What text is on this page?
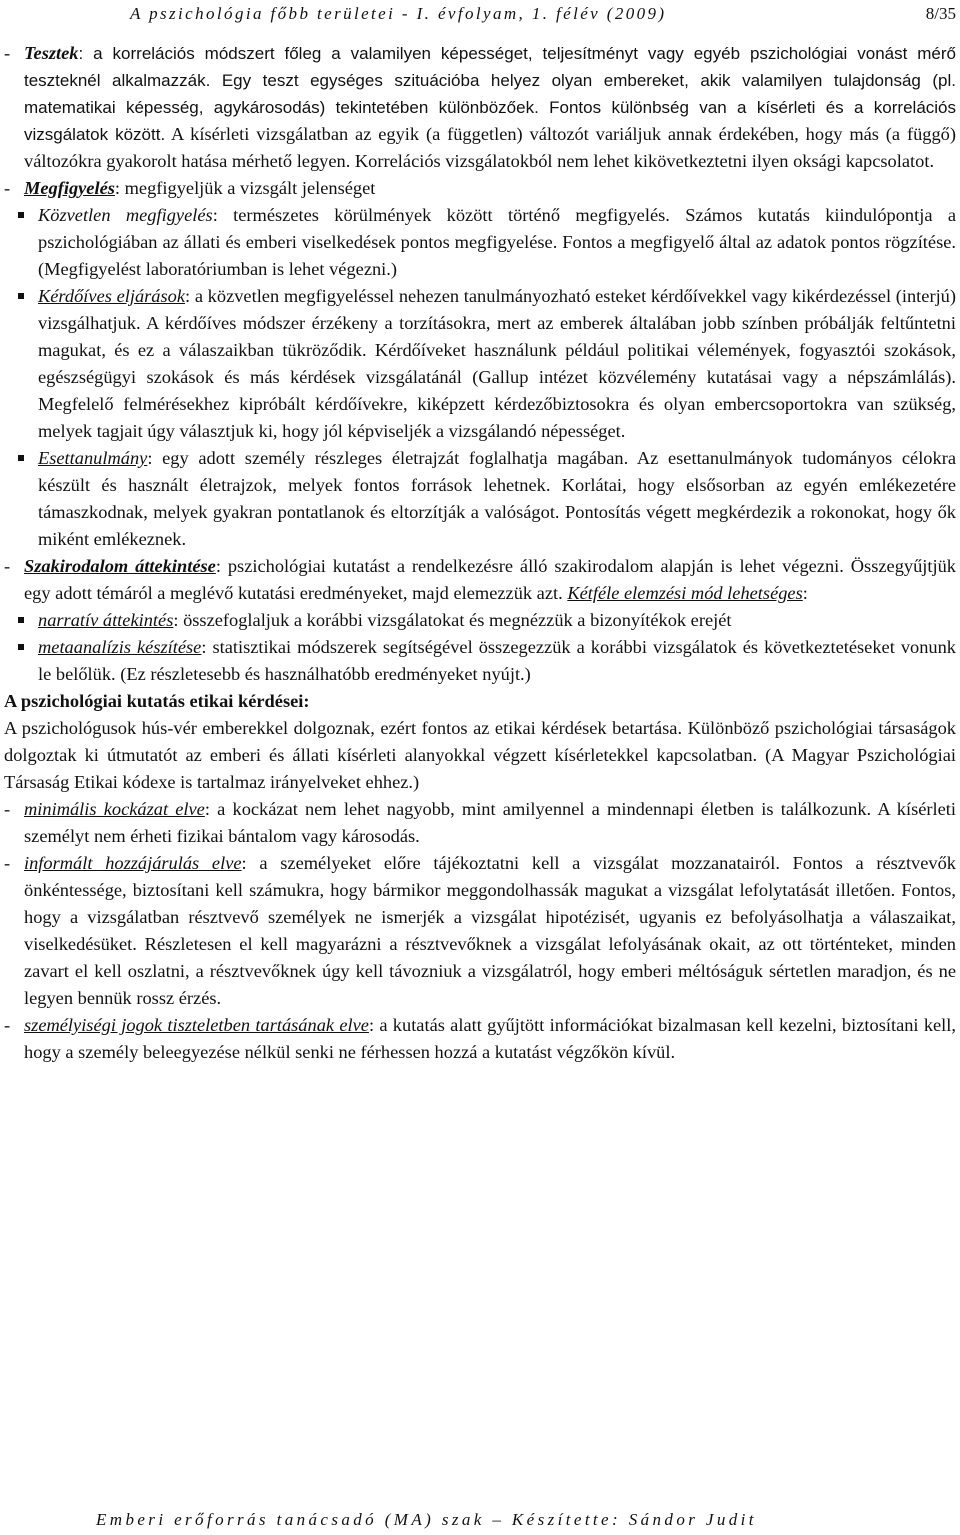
A pszichológia főbb területei - I. évfolyam, 1. félév (2009)	8/35

- Tesztek: a korrelációs módszert főleg a valamilyen képességet, teljesítményt vagy egyéb pszichológiai vonást mérő teszteknél alkalmazzák. Egy teszt egységes szituációba helyez olyan embereket, akik valamilyen tulajdonság (pl. matematikai képesség, agykárosodás) tekintetében különbözőek. Fontos különbség van a kísérleti és a korrelációs vizsgálatok között. A kísérleti vizsgálatban az egyik (a független) változót variáljuk annak érdekében, hogy más (a függő) változókra gyakorolt hatása mérhető legyen. Korrelációs vizsgálatokból nem lehet kikövetkeztetni ilyen oksági kapcsolatot.

- Megfigyelés: megfigyeljük a vizsgált jelenséget

Közvetlen megfigyelés: természetes körülmények között történő megfigyelés. Számos kutatás kiindulópontja a pszichológiában az állati és emberi viselkedések pontos megfigyelése. Fontos a megfigyelő által az adatok pontos rögzítése. (Megfigyelést laboratóriumban is lehet végezni.)

Kérdőíves eljárások: a közvetlen megfigyeléssel nehezen tanulmányozható esteket kérdőívekkel vagy kikérdezéssel (interjú) vizsgálhatjuk. A kérdőíves módszer érzékeny a torzításokra, mert az emberek általában jobb színben próbálják feltűntetni magukat, és ez a válaszaikban tükröződik. Kérdőíveket használunk például politikai vélemények, fogyasztói szokások, egészségügyi szokások és más kérdések vizsgálatánál (Gallup intézet közvélemény kutatásai vagy a népszámlálás). Megfelelő felmérésekhez kipróbált kérdőívekre, kiképzett kérdezőbiztosokra és olyan embercsoportokra van szükség, melyek tagjait úgy választjuk ki, hogy jól képviseljék a vizsgálandó népességet.

Esettanulmány: egy adott személy részleges életrajzát foglalhatja magában. Az esettanulmányok tudományos célokra készült és használt életrajzok, melyek fontos források lehetnek. Korlátai, hogy elsősorban az egyén emlékezetére támaszkodnak, melyek gyakran pontatlanok és eltorzítják a valóságot. Pontosítás végett megkérdezik a rokonokat, hogy ők miként emlékeznek.

- Szakirodalom áttekintése: pszichológiai kutatást a rendelkezésre álló szakirodalom alapján is lehet végezni. Összegyűjtjük egy adott témáról a meglévő kutatási eredményeket, majd elemezzük azt. Kétféle elemzési mód lehetséges:

narratív áttekintés: összefoglaljuk a korábbi vizsgálatokat és megnézzük a bizonyítékok erejét

metaanalízis készítése: statisztikai módszerek segítségével összegezzük a korábbi vizsgálatok és következtetéseket vonunk le belőlük. (Ez részletesebb és használhatóbb eredményeket nyújt.)

A pszichológiai kutatás etikai kérdései:

A pszichológusok hús-vér emberekkel dolgoznak, ezért fontos az etikai kérdések betartása. Különböző pszichológiai társaságok dolgoztak ki útmutatót az emberi és állati kísérleti alanyokkal végzett kísérletekkel kapcsolatban. (A Magyar Pszichológiai Társaság Etikai kódexe is tartalmaz irányelveket ehhez.)

- minimális kockázat elve: a kockázat nem lehet nagyobb, mint amilyennel a mindennapi életben is találkozunk. A kísérleti személyt nem érheti fizikai bántalom vagy károsodás.

- informált hozzájárulás elve: a személyeket előre tájékoztatni kell a vizsgálat mozzanatairól. Fontos a résztvevők önkéntessége, biztosítani kell számukra, hogy bármikor meggondolhassák magukat a vizsgálat lefolytatását illetően. Fontos, hogy a vizsgálatban résztvevő személyek ne ismerjék a vizsgálat hipotézisét, ugyanis ez befolyásolhatja a válaszaikat, viselkedésüket. Részletesen el kell magyarázni a résztvevőknek a vizsgálat lefolyásának okait, az ott történteket, minden zavart el kell oszlatni, a résztvevőknek úgy kell távozniuk a vizsgálatról, hogy emberi méltóságuk sértetlen maradjon, és ne legyen bennük rossz érzés.

- személyiségi jogok tiszteletben tartásának elve: a kutatás alatt gyűjtött információkat bizalmasan kell kezelni, biztosítani kell, hogy a személy beleegyezése nélkül senki ne férhessen hozzá a kutatást végzőkön kívül.

Emberi erőforrás tanácsadó (MA) szak – Készítette: Sándor Judit
